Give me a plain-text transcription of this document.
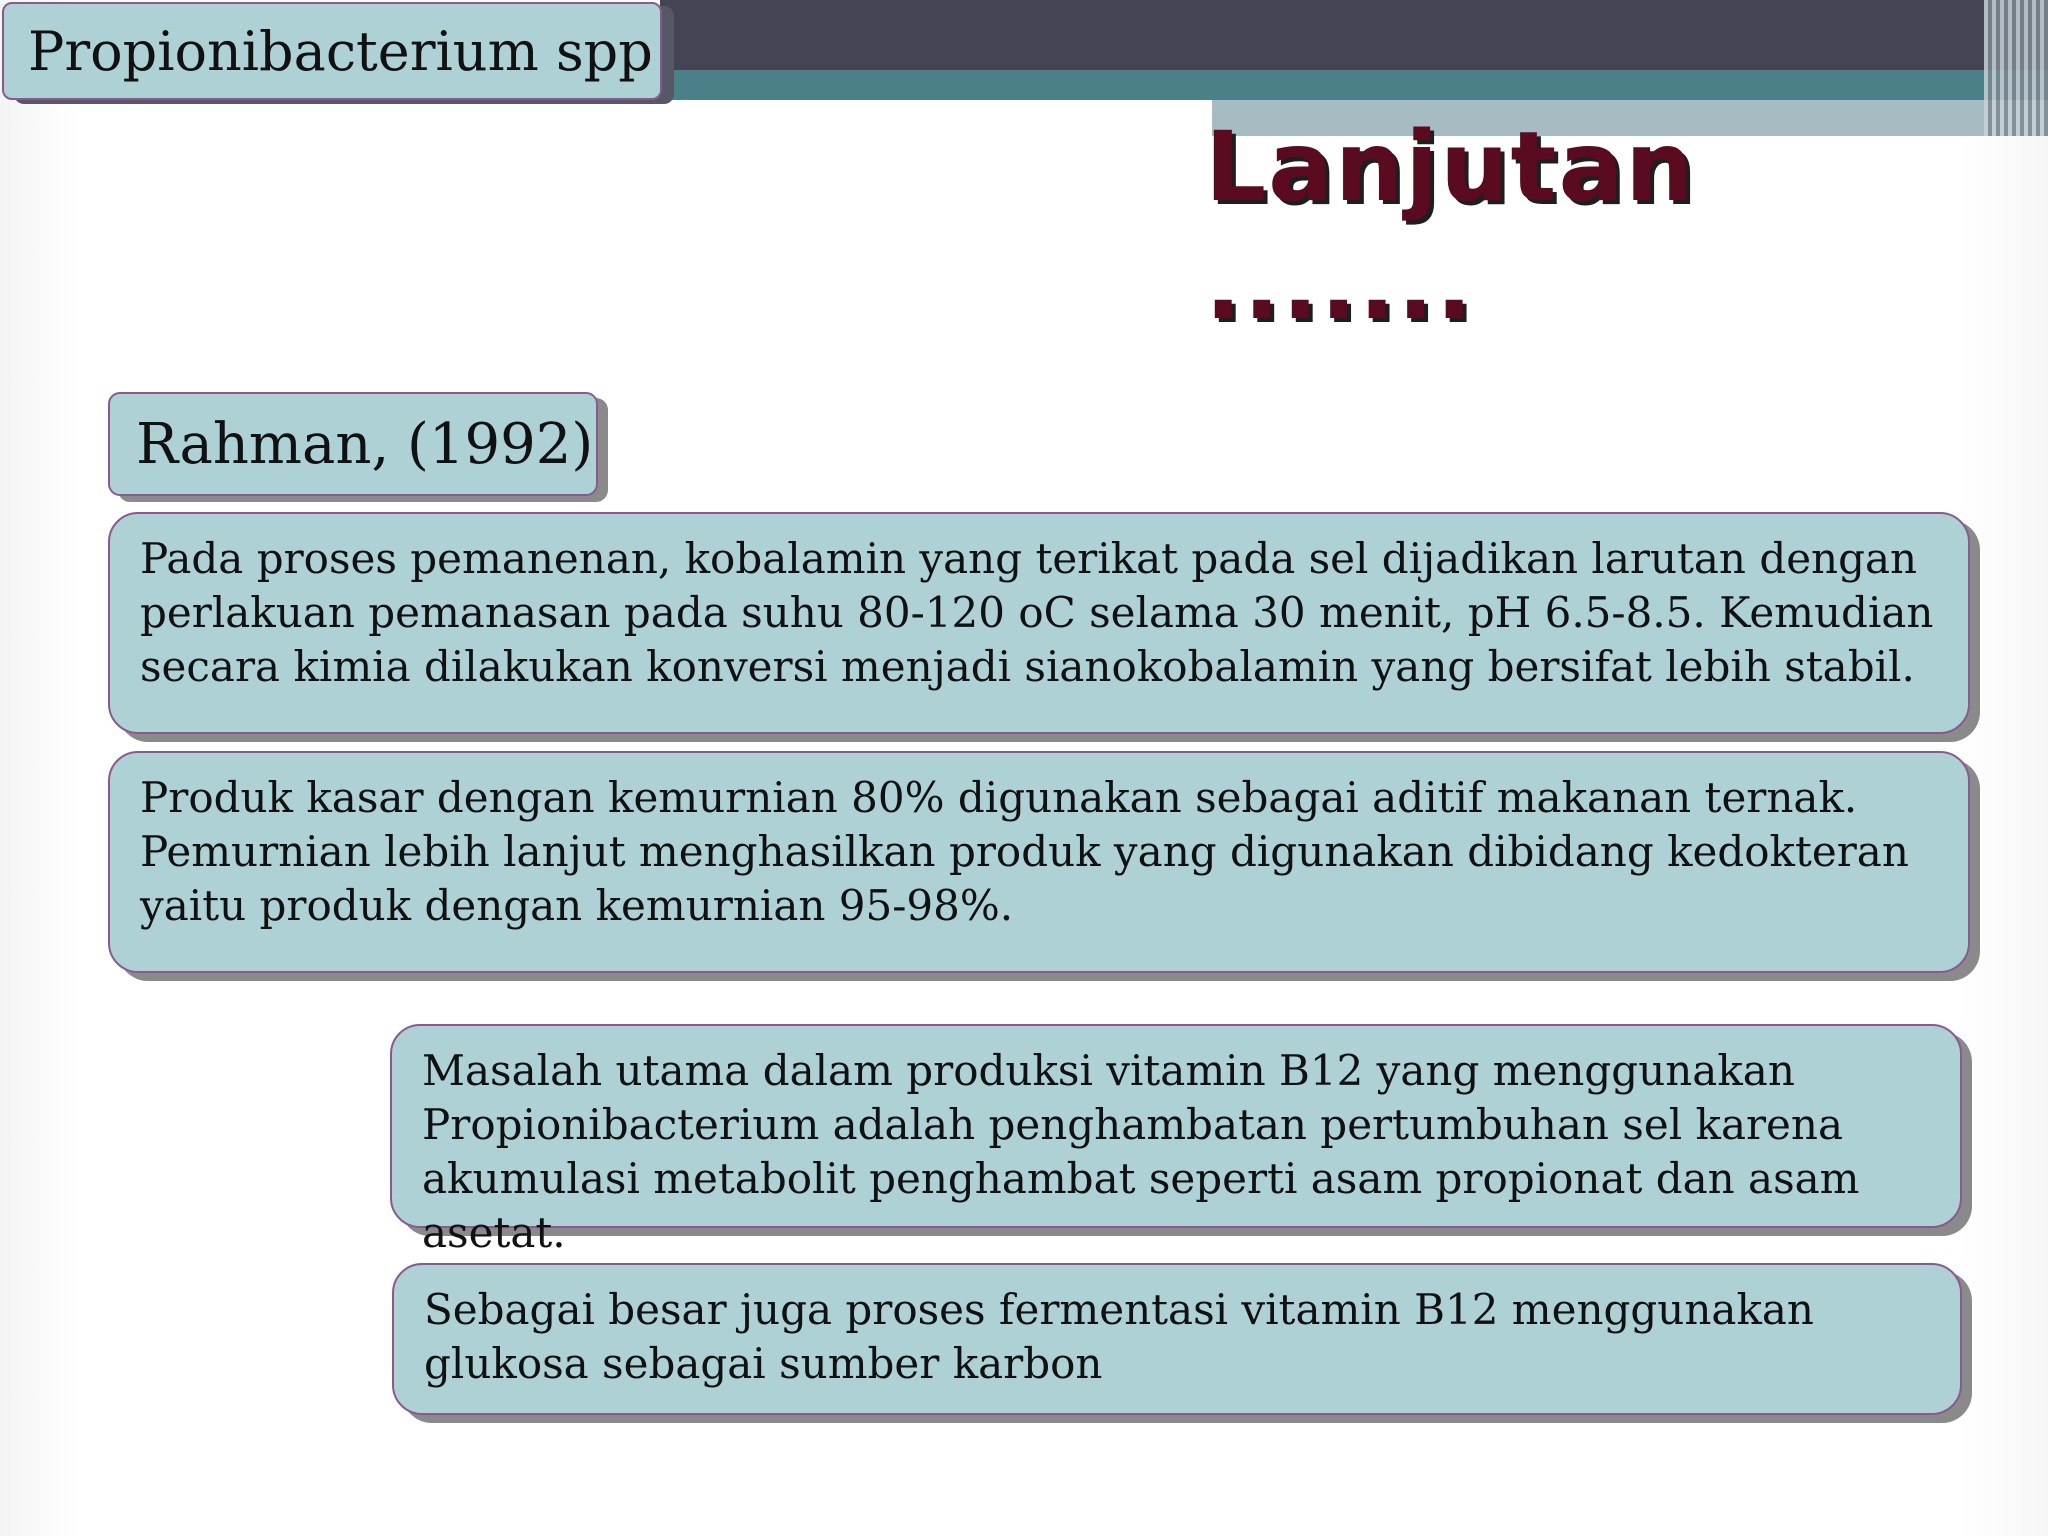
Propionibacterium spp
Lanjutan .......
Rahman, (1992)

Pada proses pemanenan, kobalamin yang terikat pada sel dijadikan larutan dengan perlakuan pemanasan pada suhu 80-120 oC selama 30 menit, pH 6.5-8.5. Kemudian secara kimia dilakukan konversi menjadi sianokobalamin yang bersifat lebih stabil.

Produk kasar dengan kemurnian 80% digunakan sebagai aditif makanan ternak. Pemurnian lebih lanjut menghasilkan produk yang digunakan dibidang kedokteran yaitu produk dengan kemurnian 95-98%.

Masalah utama dalam produksi vitamin B12 yang menggunakan Propionibacterium adalah penghambatan pertumbuhan sel karena akumulasi metabolit penghambat seperti asam propionat dan asam asetat.

Sebagai besar juga proses fermentasi vitamin B12 menggunakan glukosa sebagai sumber karbon
